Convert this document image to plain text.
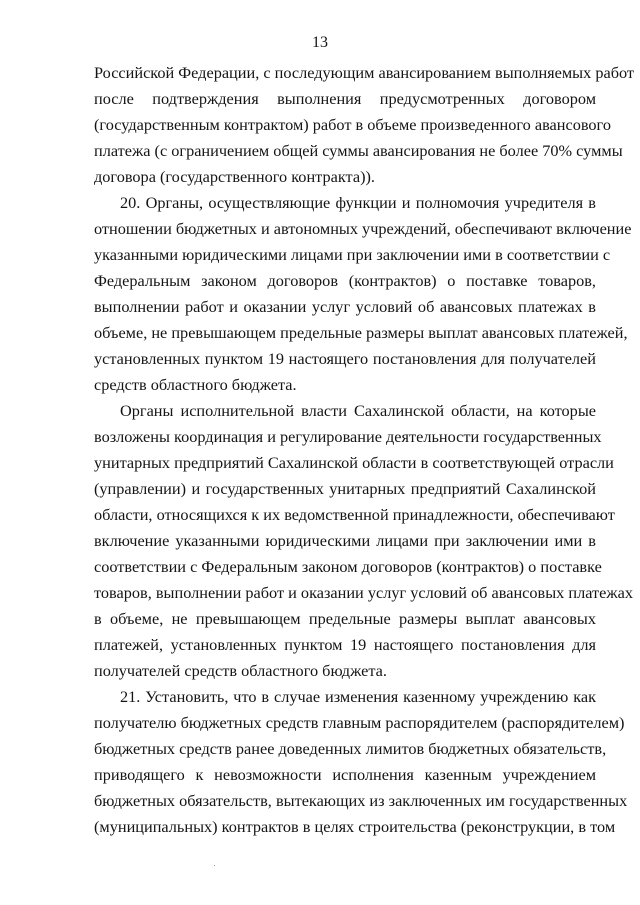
13
Российской Федерации, с последующим авансированием выполняемых работ
после подтверждения выполнения предусмотренных договором
(государственным контрактом) работ в объеме произведенного авансового
платежа (с ограничением общей суммы авансирования не более 70% суммы
договора (государственного контракта)).
20. Органы, осуществляющие функции и полномочия учредителя в
отношении бюджетных и автономных учреждений, обеспечивают включение
указанными юридическими лицами при заключении ими в соответствии с
Федеральным законом договоров (контрактов) о поставке товаров,
выполнении работ и оказании услуг условий об авансовых платежах в
объеме, не превышающем предельные размеры выплат авансовых платежей,
установленных пунктом 19 настоящего постановления для получателей
средств областного бюджета.
Органы исполнительной власти Сахалинской области, на которые
возложены координация и регулирование деятельности государственных
унитарных предприятий Сахалинской области в соответствующей отрасли
(управлении) и государственных унитарных предприятий Сахалинской
области, относящихся к их ведомственной принадлежности, обеспечивают
включение указанными юридическими лицами при заключении ими в
соответствии с Федеральным законом договоров (контрактов) о поставке
товаров, выполнении работ и оказании услуг условий об авансовых платежах
в объеме, не превышающем предельные размеры выплат авансовых
платежей, установленных пунктом 19 настоящего постановления для
получателей средств областного бюджета.
21. Установить, что в случае изменения казенному учреждению как
получателю бюджетных средств главным распорядителем (распорядителем)
бюджетных средств ранее доведенных лимитов бюджетных обязательств,
приводящего к невозможности исполнения казенным учреждением
бюджетных обязательств, вытекающих из заключенных им государственных
(муниципальных) контрактов в целях строительства (реконструкции, в том
